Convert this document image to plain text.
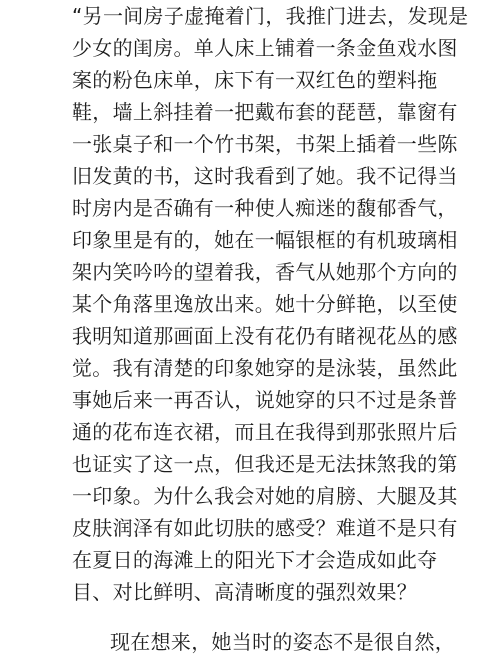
“另一间房子虚掩着门，我推门进去，发现是
少女的闺房。单人床上铺着一条金鱼戏水图
案的粉色床单，床下有一双红色的塑料拖
鞋，墙上斜挂着一把戴布套的琵琶，靠窗有
一张桌子和一个竹书架，书架上插着一些陈
旧发黄的书，这时我看到了她。我不记得当
时房内是否确有一种使人痴迷的馥郁香气，
印象里是有的，她在一幅银框的有机玻璃相
架内笑吟吟的望着我，香气从她那个方向的
某个角落里逸放出来。她十分鲜艳，以至使
我明知道那画面上没有花仍有睹视花丛的感
觉。我有清楚的印象她穿的是泳装，虽然此
事她后来一再否认，说她穿的只不过是条普
通的花布连衣裙，而且在我得到那张照片后
也证实了这一点，但我还是无法抹煞我的第
一印象。为什么我会对她的肩膀、大腿及其
皮肤润泽有如此切肤的感受？难道不是只有
在夏日的海滩上的阳光下才会造成如此夺
目、对比鲜明、高清晰度的强烈效果？
现在想来，她当时的姿态不是很自然，
